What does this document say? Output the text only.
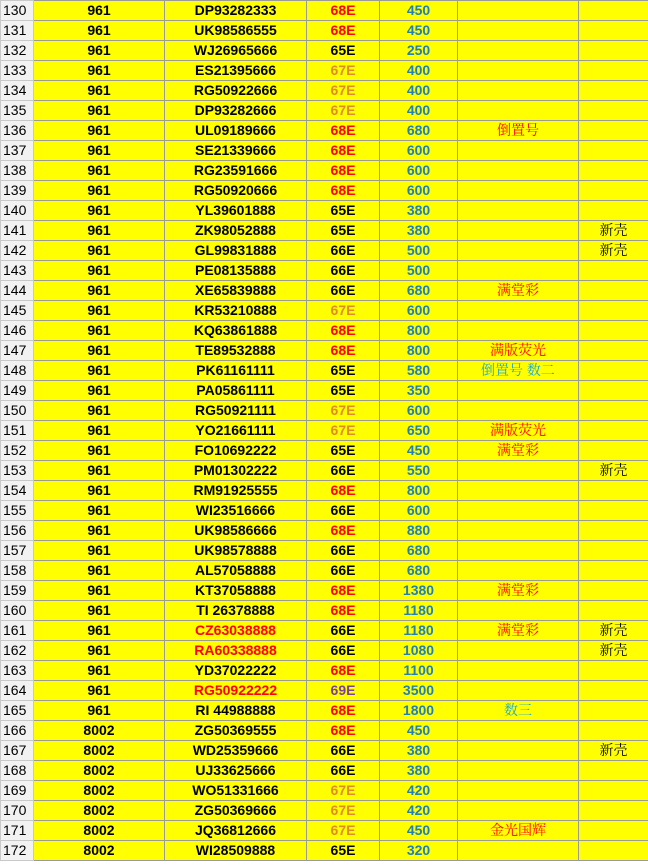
130	961	DP93282333	68E	450		
131	961	UK98586555	68E	450		
132	961	WJ26965666	65E	250		
133	961	ES21395666	67E	400		
134	961	RG50922666	67E	400		
135	961	DP93282666	67E	400		
136	961	UL09189666	68E	680	倒置号	
137	961	SE21339666	68E	600		
138	961	RG23591666	68E	600		
139	961	RG50920666	68E	600		
140	961	YL39601888	65E	380		
141	961	ZK98052888	65E	380		新壳
142	961	GL99831888	66E	500		新壳
143	961	PE08135888	66E	500		
144	961	XE65839888	66E	680	满堂彩	
145	961	KR53210888	67E	600		
146	961	KQ63861888	68E	800		
147	961	TE89532888	68E	800	满版荧光	
148	961	PK61161111	65E	580	倒置号 数二	
149	961	PA05861111	65E	350		
150	961	RG50921111	67E	600		
151	961	YO21661111	67E	650	满版荧光	
152	961	FO10692222	65E	450	满堂彩	
153	961	PM01302222	66E	550		新壳
154	961	RM91925555	68E	800		
155	961	WI23516666	66E	600		
156	961	UK98586666	68E	880		
157	961	UK98578888	66E	680		
158	961	AL57058888	66E	680		
159	961	KT37058888	68E	1380	满堂彩	
160	961	TI 26378888	68E	1180		
161	961	CZ63038888	66E	1180	满堂彩	新壳
162	961	RA60338888	66E	1080		新壳
163	961	YD37022222	68E	1100		
164	961	RG50922222	69E	3500		
165	961	RI 44988888	68E	1800	数三	
166	8002	ZG50369555	68E	450		
167	8002	WD25359666	66E	380		新壳
168	8002	UJ33625666	66E	380		
169	8002	WO51331666	67E	420		
170	8002	ZG50369666	67E	420		
171	8002	JQ36812666	67E	450	金光国辉	
172	8002	WI28509888	65E	320		
